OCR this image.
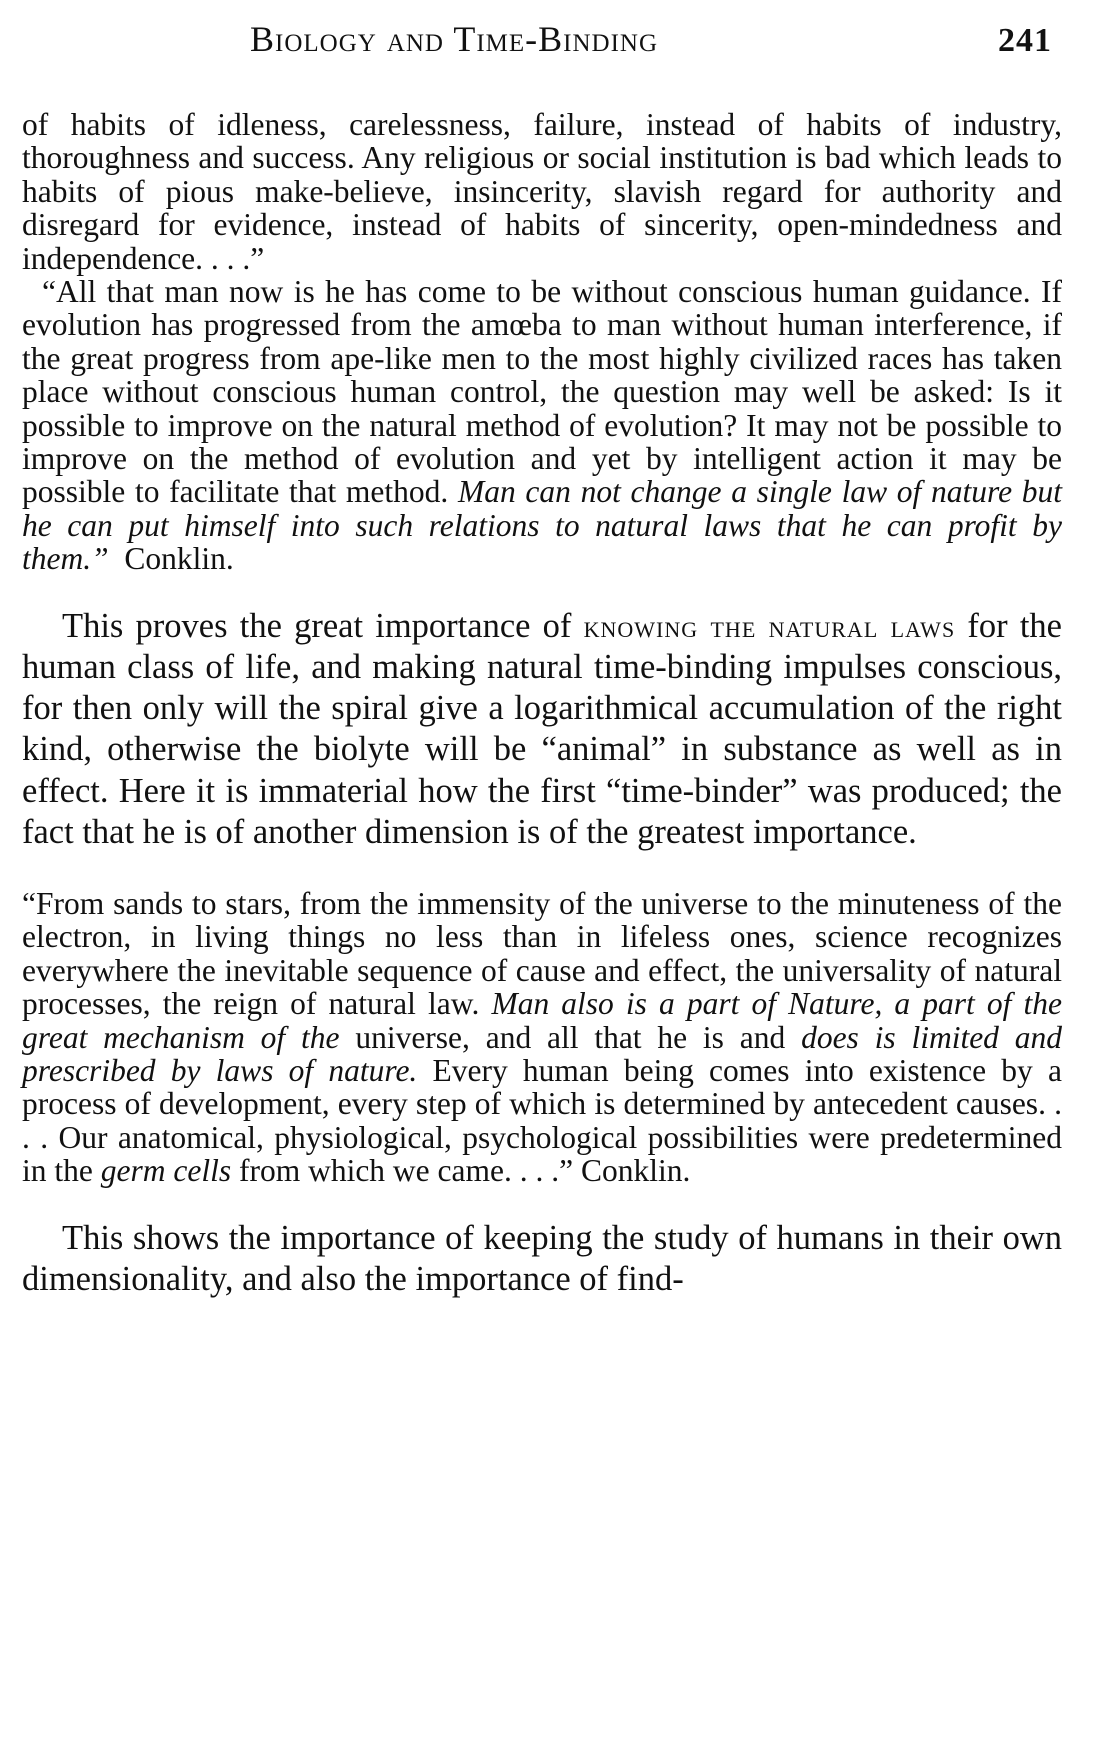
Biology and Time-Binding	241

of habits of idleness, carelessness, failure, instead of habits of industry, thoroughness and success. Any religious or social institution is bad which leads to habits of pious make-believe, insincerity, slavish regard for authority and disregard for evidence, instead of habits of sincerity, open-mindedness and independence. . . .”

“All that man now is he has come to be without conscious human guidance. If evolution has progressed from the amœba to man without human interference, if the great progress from ape-like men to the most highly civilized races has taken place without conscious human control, the question may well be asked: Is it possible to improve on the natural method of evolution? It may not be possible to improve on the method of evolution and yet by intelligent action it may be possible to facilitate that method. Man can not change a single law of nature but he can put himself into such relations to natural laws that he can profit by them.” Conklin.

This proves the great importance of knowing the natural laws for the human class of life, and making natural time-binding impulses conscious, for then only will the spiral give a logarithmical accumulation of the right kind, otherwise the biolyte will be “animal” in substance as well as in effect. Here it is immaterial how the first “time-binder” was produced; the fact that he is of another dimension is of the greatest importance.

“From sands to stars, from the immensity of the universe to the minuteness of the electron, in living things no less than in lifeless ones, science recognizes everywhere the inevitable sequence of cause and effect, the universality of natural processes, the reign of natural law. Man also is a part of Nature, a part of the great mechanism of the universe, and all that he is and does is limited and prescribed by laws of nature. Every human being comes into existence by a process of development, every step of which is determined by antecedent causes. . . . Our anatomical, physiological, psychological possibilities were predetermined in the germ cells from which we came. . . .” Conklin.

This shows the importance of keeping the study of humans in their own dimensionality, and also the importance of find-
